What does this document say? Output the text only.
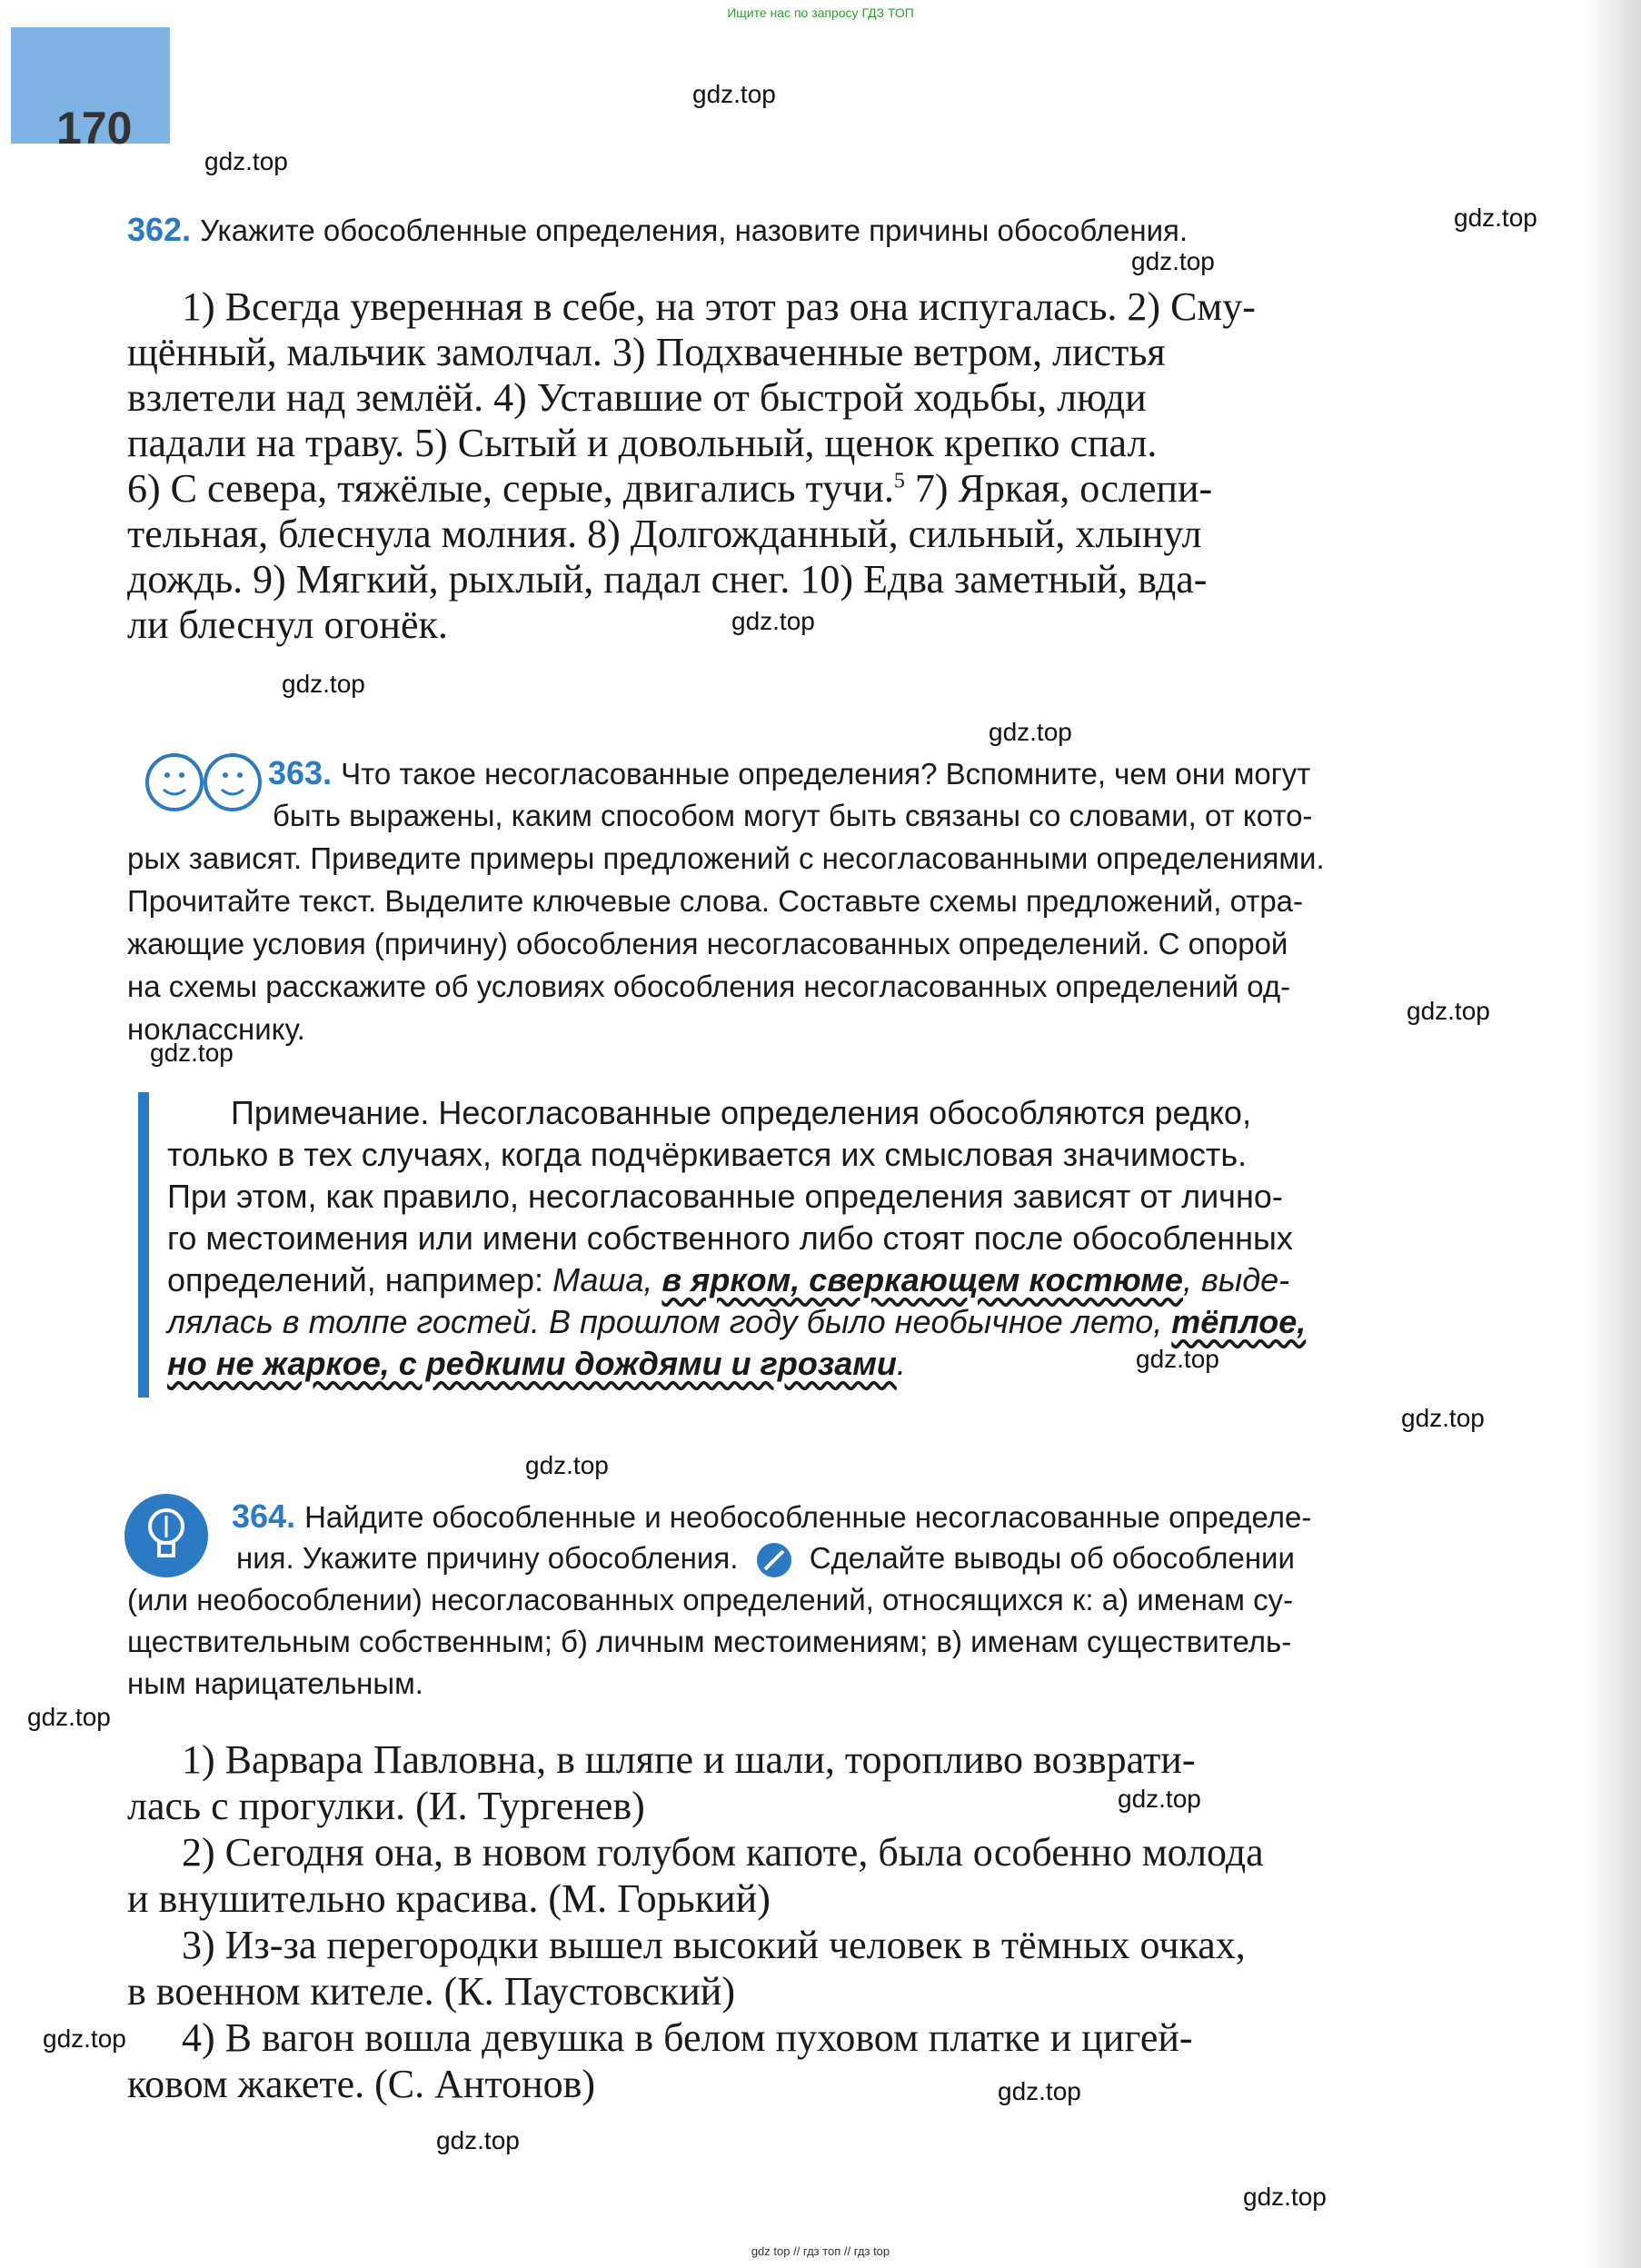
Ищите нас по запросу ГДЗ ТОП
170
gdz.top
gdz.top
gdz.top
gdz.top
gdz.top
gdz.top
gdz.top
gdz.top
gdz.top
gdz.top
gdz.top
gdz.top
gdz.top
gdz.top
gdz.top
gdz.top
gdz.top
gdz.top
362. Укажите обособленные определения, назовите причины обособления.
1) Всегда уверенная в себе, на этот раз она испугалась. 2) Сму-
щённый, мальчик замолчал. 3) Подхваченные ветром, листья
взлетели над землёй. 4) Уставшие от быстрой ходьбы, люди
падали на траву. 5) Сытый и довольный, щенок крепко спал.
6) С севера, тяжёлые, серые, двигались тучи.$^5$ 7) Яркая, ослепи-
тельная, блеснула молния. 8) Долгожданный, сильный, хлынул
дождь. 9) Мягкий, рыхлый, падал снег. 10) Едва заметный, вда-
ли блеснул огонёк.
363. Что такое несогласованные определения? Вспомните, чем они могут
быть выражены, каким способом могут быть связаны со словами, от кото-
рых зависят. Приведите примеры предложений с несогласованными определениями.
Прочитайте текст. Выделите ключевые слова. Составьте схемы предложений, отра-
жающие условия (причину) обособления несогласованных определений. С опорой
на схемы расскажите об условиях обособления несогласованных определений од-
нокласснику.
Примечание. Несогласованные определения обособляются редко,
только в тех случаях, когда подчёркивается их смысловая значимость.
При этом, как правило, несогласованные определения зависят от лично-
го местоимения или имени собственного либо стоят после обособленных
определений, например: Маша, в ярком, сверкающем костюме, выде-
лялась в толпе гостей. В прошлом году было необычное лето, тёплое,
но не жаркое, с редкими дождями и грозами.
364. Найдите обособленные и необособленные несогласованные определе-
ния. Укажите причину обособления. Сделайте выводы об обособлении
(или необособлении) несогласованных определений, относящихся к: а) именам су-
ществительным собственным; б) личным местоимениям; в) именам существитель-
ным нарицательным.
1) Варвара Павловна, в шляпе и шали, торопливо возврати-
лась с прогулки. (И. Тургенев)
2) Сегодня она, в новом голубом капоте, была особенно молода
и внушительно красива. (М. Горький)
3) Из-за перегородки вышел высокий человек в тёмных очках,
в военном кителе. (К. Паустовский)
4) В вагон вошла девушка в белом пуховом платке и цигей-
ковом жакете. (С. Антонов)
gdz top // гдз топ // гдз top
